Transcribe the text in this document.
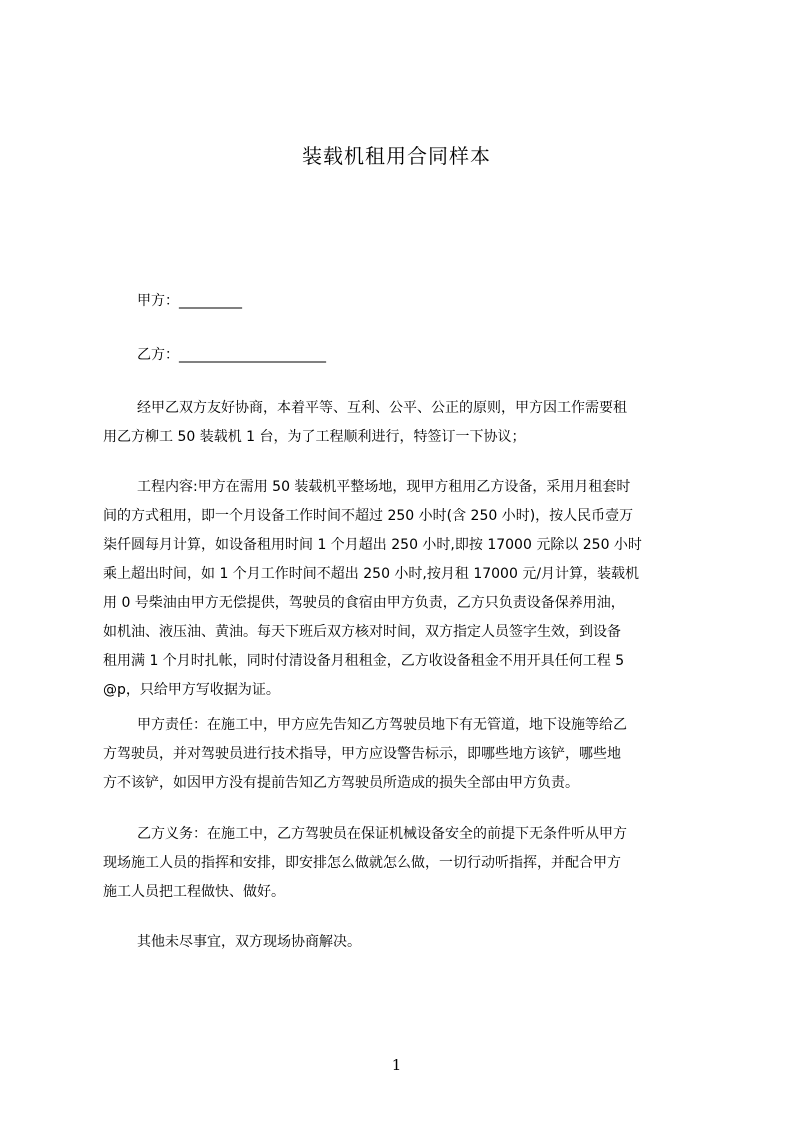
装载机租用合同样本
甲方：_________
乙方：_____________________
经甲乙双方友好协商，本着平等、互利、公平、公正的原则，甲方因工作需要租
用乙方柳工 50 装载机 1 台，为了工程顺利进行，特签订一下协议；
工程内容:甲方在需用 50 装载机平整场地，现甲方租用乙方设备，采用月租套时
间的方式租用，即一个月设备工作时间不超过 250 小时(含 250 小时)，按人民币壹万
柒仟圆每月计算，如设备租用时间 1 个月超出 250 小时,即按 17000 元除以 250 小时
乘上超出时间，如 1 个月工作时间不超出 250 小时,按月租 17000 元/月计算，装载机
用 0 号柴油由甲方无偿提供，驾驶员的食宿由甲方负责，乙方只负责设备保养用油，
如机油、液压油、黄油。每天下班后双方核对时间，双方指定人员签字生效，到设备
租用满 1 个月时扎帐，同时付清设备月租租金，乙方收设备租金不用开具任何工程 5
@p，只给甲方写收据为证。
甲方责任：在施工中，甲方应先告知乙方驾驶员地下有无管道，地下设施等给乙
方驾驶员，并对驾驶员进行技术指导，甲方应设警告标示，即哪些地方该铲，哪些地
方不该铲，如因甲方没有提前告知乙方驾驶员所造成的损失全部由甲方负责。
乙方义务：在施工中，乙方驾驶员在保证机械设备安全的前提下无条件听从甲方
现场施工人员的指挥和安排，即安排怎么做就怎么做，一切行动听指挥，并配合甲方
施工人员把工程做快、做好。
其他未尽事宜，双方现场协商解决。
1
